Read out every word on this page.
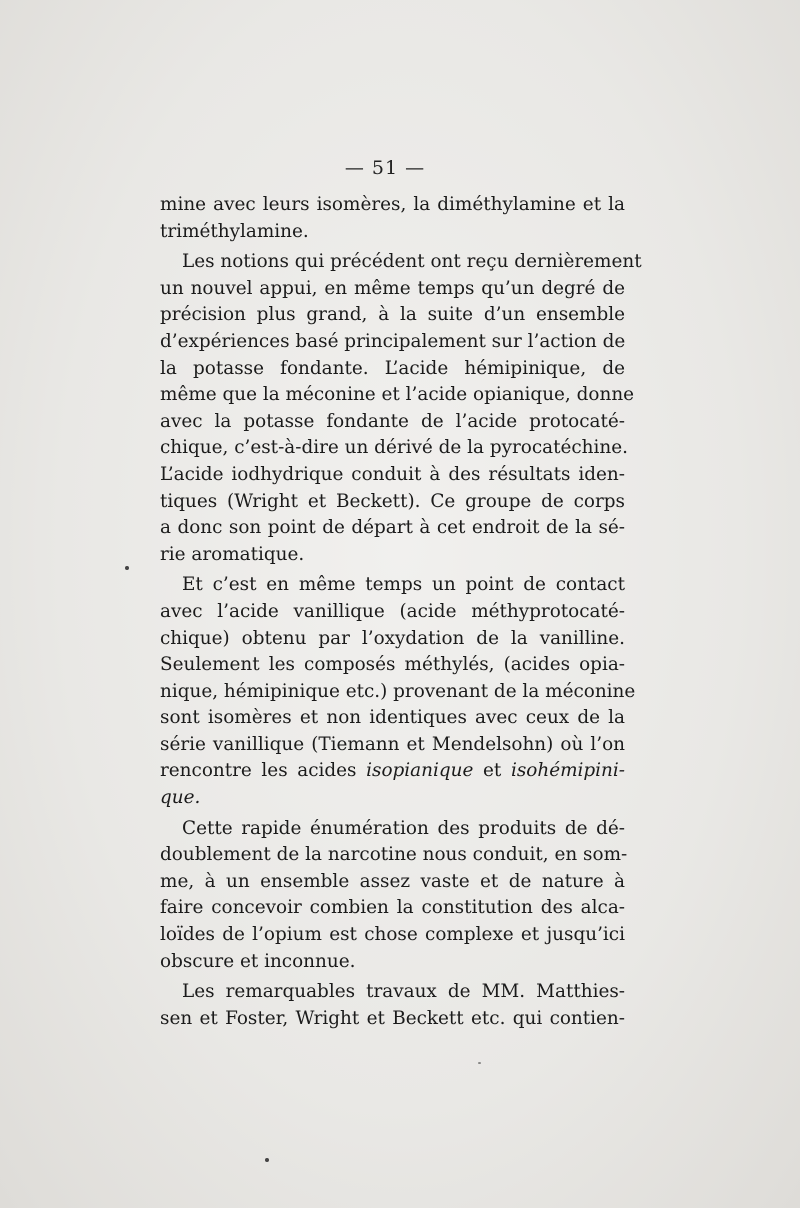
— 51 —
mine avec leurs isomères, la diméthylamine et la
triméthylamine.
Les notions qui précédent ont reçu dernièrement
un nouvel appui, en même temps qu’un degré de
précision plus grand, à la suite d’un ensemble
d’expériences basé principalement sur l’action de
la potasse fondante. L’acide hémipinique, de
même que la méconine et l’acide opianique, donne
avec la potasse fondante de l’acide protocaté-
chique, c’est-à-dire un dérivé de la pyrocatéchine.
L’acide iodhydrique conduit à des résultats iden-
tiques (Wright et Beckett). Ce groupe de corps
a donc son point de départ à cet endroit de la sé-
rie aromatique.
Et c’est en même temps un point de contact
avec l’acide vanillique (acide méthyprotocaté-
chique) obtenu par l’oxydation de la vanilline.
Seulement les composés méthylés, (acides opia-
nique, hémipinique etc.) provenant de la méconine
sont isomères et non identiques avec ceux de la
série vanillique (Tiemann et Mendelsohn) où l’on
rencontre les acides isopianique et isohémipini-
que.
Cette rapide énumération des produits de dé-
doublement de la narcotine nous conduit, en som-
me, à un ensemble assez vaste et de nature à
faire concevoir combien la constitution des alca-
loïdes de l’opium est chose complexe et jusqu’ici
obscure et inconnue.
Les remarquables travaux de MM. Matthies-
sen et Foster, Wright et Beckett etc. qui contien-
